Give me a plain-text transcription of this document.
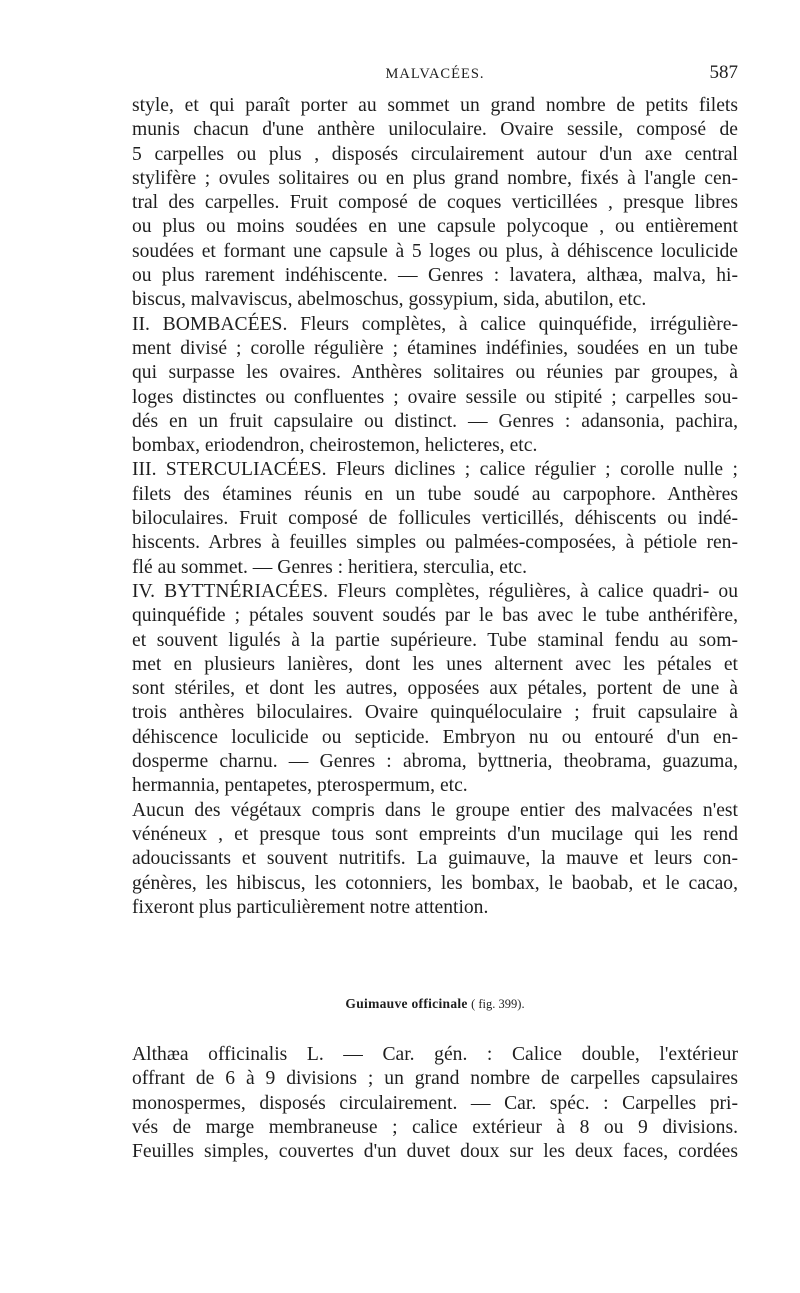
MALVACÉES.	587
style, et qui paraît porter au sommet un grand nombre de petits filets
munis chacun d'une anthère uniloculaire. Ovaire sessile, composé de
5 carpelles ou plus , disposés circulairement autour d'un axe central
stylifère ; ovules solitaires ou en plus grand nombre, fixés à l'angle cen-
tral des carpelles. Fruit composé de coques verticillées , presque libres
ou plus ou moins soudées en une capsule polycoque , ou entièrement
soudées et formant une capsule à 5 loges ou plus, à déhiscence loculicide
ou plus rarement indéhiscente. — Genres : lavatera, althæa, malva, hi-
biscus, malvaviscus, abelmoschus, gossypium, sida, abutilon, etc.
II. BOMBACÉES. Fleurs complètes, à calice quinquéfide, irrégulière-
ment divisé ; corolle régulière ; étamines indéfinies, soudées en un tube
qui surpasse les ovaires. Anthères solitaires ou réunies par groupes, à
loges distinctes ou confluentes ; ovaire sessile ou stipité ; carpelles sou-
dés en un fruit capsulaire ou distinct. — Genres : adansonia, pachira,
bombax, eriodendron, cheirostemon, helicteres, etc.
III. STERCULIACÉES. Fleurs diclines ; calice régulier ; corolle nulle ;
filets des étamines réunis en un tube soudé au carpophore. Anthères
biloculaires. Fruit composé de follicules verticillés, déhiscents ou indé-
hiscents. Arbres à feuilles simples ou palmées-composées, à pétiole ren-
flé au sommet. — Genres : heritiera, sterculia, etc.
IV. BYTTNÉRIACÉES. Fleurs complètes, régulières, à calice quadri- ou
quinquéfide ; pétales souvent soudés par le bas avec le tube anthérifère,
et souvent ligulés à la partie supérieure. Tube staminal fendu au som-
met en plusieurs lanières, dont les unes alternent avec les pétales et
sont stériles, et dont les autres, opposées aux pétales, portent de une à
trois anthères biloculaires. Ovaire quinquéloculaire ; fruit capsulaire à
déhiscence loculicide ou septicide. Embryon nu ou entouré d'un en-
dosperme charnu. — Genres : abroma, byttneria, theobrama, guazuma,
hermannia, pentapetes, pterospermum, etc.
Aucun des végétaux compris dans le groupe entier des malvacées n'est
vénéneux , et presque tous sont empreints d'un mucilage qui les rend
adoucissants et souvent nutritifs. La guimauve, la mauve et leurs con-
génères, les hibiscus, les cotonniers, les bombax, le baobab, et le cacao,
fixeront plus particulièrement notre attention.
Guimauve officinale ( fig. 399).
Althæa officinalis L. — Car. gén. : Calice double, l'extérieur
offrant de 6 à 9 divisions ; un grand nombre de carpelles capsulaires
monospermes, disposés circulairement. — Car. spéc. : Carpelles pri-
vés de marge membraneuse ; calice extérieur à 8 ou 9 divisions.
Feuilles simples, couvertes d'un duvet doux sur les deux faces, cordées
